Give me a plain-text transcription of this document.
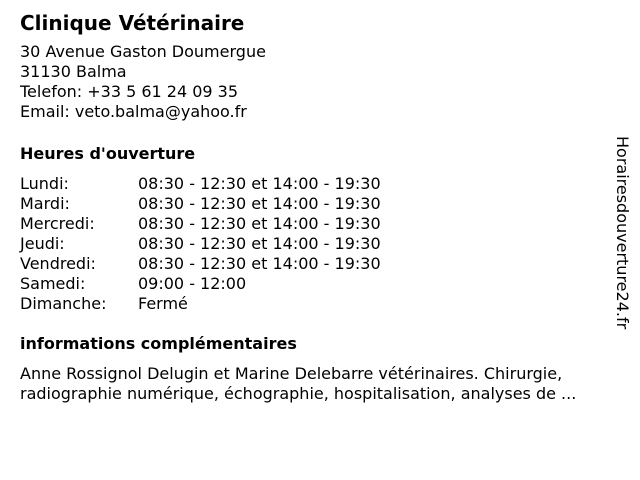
Clinique Vétérinaire
30 Avenue Gaston Doumergue
31130 Balma
Telefon: +33 5 61 24 09 35
Email: veto.balma@yahoo.fr
Heures d'ouverture
Lundi:	08:30 - 12:30 et 14:00 - 19:30
Mardi:	08:30 - 12:30 et 14:00 - 19:30
Mercredi:	08:30 - 12:30 et 14:00 - 19:30
Jeudi:	08:30 - 12:30 et 14:00 - 19:30
Vendredi:	08:30 - 12:30 et 14:00 - 19:30
Samedi:	09:00 - 12:00
Dimanche:	Fermé
informations complémentaires
Anne Rossignol Delugin et Marine Delebarre vétérinaires. Chirurgie, radiographie numérique, échographie, hospitalisation, analyses de ...
Horairesdouverture24.fr
